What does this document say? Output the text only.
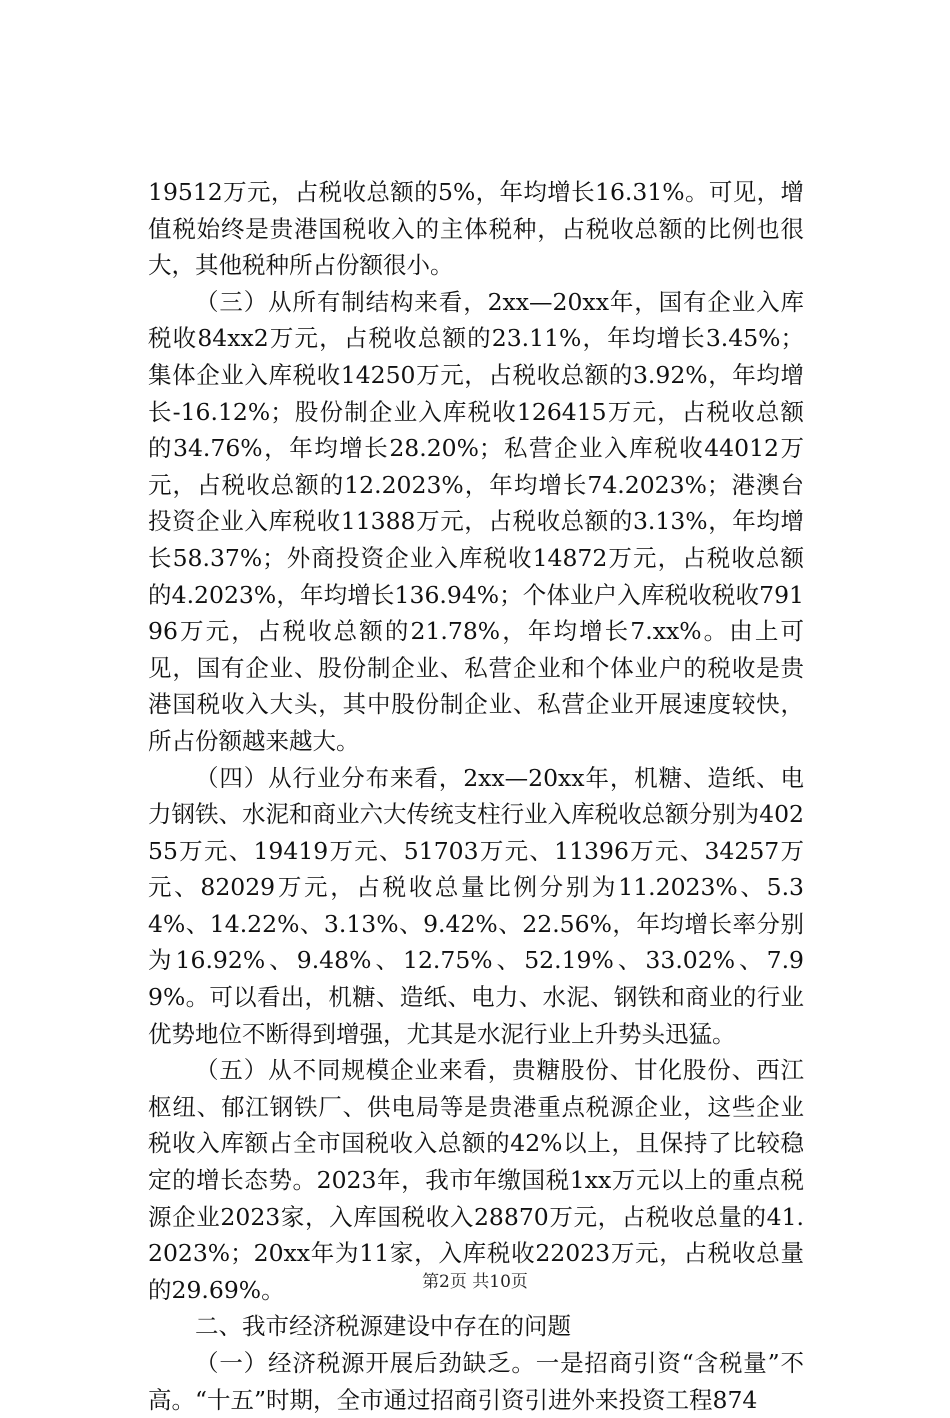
19512万元，占税收总额的5%，年均增长16.31%。可见，增值税始终是贵港国税收入的主体税种，占税收总额的比例也很大，其他税种所占份额很小。

（三）从所有制结构来看，2xx—20xx年，国有企业入库税收84xx2万元，占税收总额的23.11%，年均增长3.45%；集体企业入库税收14250万元，占税收总额的3.92%，年均增长-16.12%；股份制企业入库税收126415万元，占税收总额的34.76%，年均增长28.20%；私营企业入库税收44012万元，占税收总额的12.2023%，年均增长74.2023%；港澳台投资企业入库税收11388万元，占税收总额的3.13%，年均增长58.37%；外商投资企业入库税收14872万元，占税收总额的4.2023%，年均增长136.94%；个体业户入库税收税收79196万元，占税收总额的21.78%，年均增长7.xx%。由上可见，国有企业、股份制企业、私营企业和个体业户的税收是贵港国税收入大头，其中股份制企业、私营企业开展速度较快，所占份额越来越大。

（四）从行业分布来看，2xx—20xx年，机糖、造纸、电力钢铁、水泥和商业六大传统支柱行业入库税收总额分别为40255万元、19419万元、51703万元、11396万元、34257万元、82029万元，占税收总量比例分别为11.2023%、5.34%、14.22%、3.13%、9.42%、22.56%，年均增长率分别为16.92%、9.48%、12.75%、52.19%、33.02%、7.99%。可以看出，机糖、造纸、电力、水泥、钢铁和商业的行业优势地位不断得到增强，尤其是水泥行业上升势头迅猛。

（五）从不同规模企业来看，贵糖股份、甘化股份、西江枢纽、郁江钢铁厂、供电局等是贵港重点税源企业，这些企业税收入库额占全市国税收入总额的42%以上，且保持了比较稳定的增长态势。2023年，我市年缴国税1xx万元以上的重点税源企业2023家，入库国税收入28870万元，占税收总量的41.2023%；20xx年为11家，入库税收22023万元，占税收总量的29.69%。

二、我市经济税源建设中存在的问题

（一）经济税源开展后劲缺乏。一是招商引资“含税量”不高。“十五”时期，全市通过招商引资引进外来投资工程874

第2页 共10页
